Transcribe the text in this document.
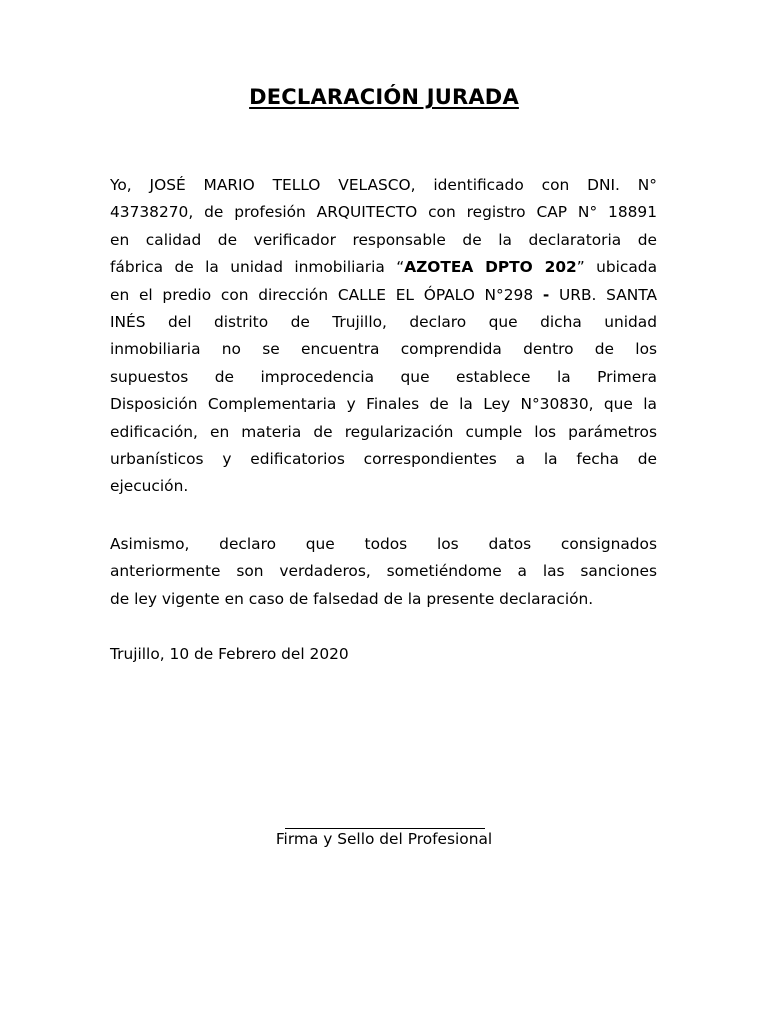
DECLARACIÓN JURADA

Yo, JOSÉ MARIO TELLO VELASCO, identificado con DNI. N°
43738270, de profesión ARQUITECTO con registro CAP N° 18891
en calidad de verificador responsable de la declaratoria de
fábrica de la unidad inmobiliaria “AZOTEA DPTO 202” ubicada
en el predio con dirección CALLE EL ÓPALO N°298 - URB. SANTA
INÉS del distrito de Trujillo, declaro que dicha unidad
inmobiliaria no se encuentra comprendida dentro de los
supuestos de improcedencia que establece la Primera
Disposición Complementaria y Finales de la Ley N°30830, que la
edificación, en materia de regularización cumple los parámetros
urbanísticos y edificatorios correspondientes a la fecha de
ejecución.

Asimismo, declaro que todos los datos consignados
anteriormente son verdaderos, sometiéndome a las sanciones
de ley vigente en caso de falsedad de la presente declaración.

Trujillo, 10 de Febrero del 2020

Firma y Sello del Profesional
